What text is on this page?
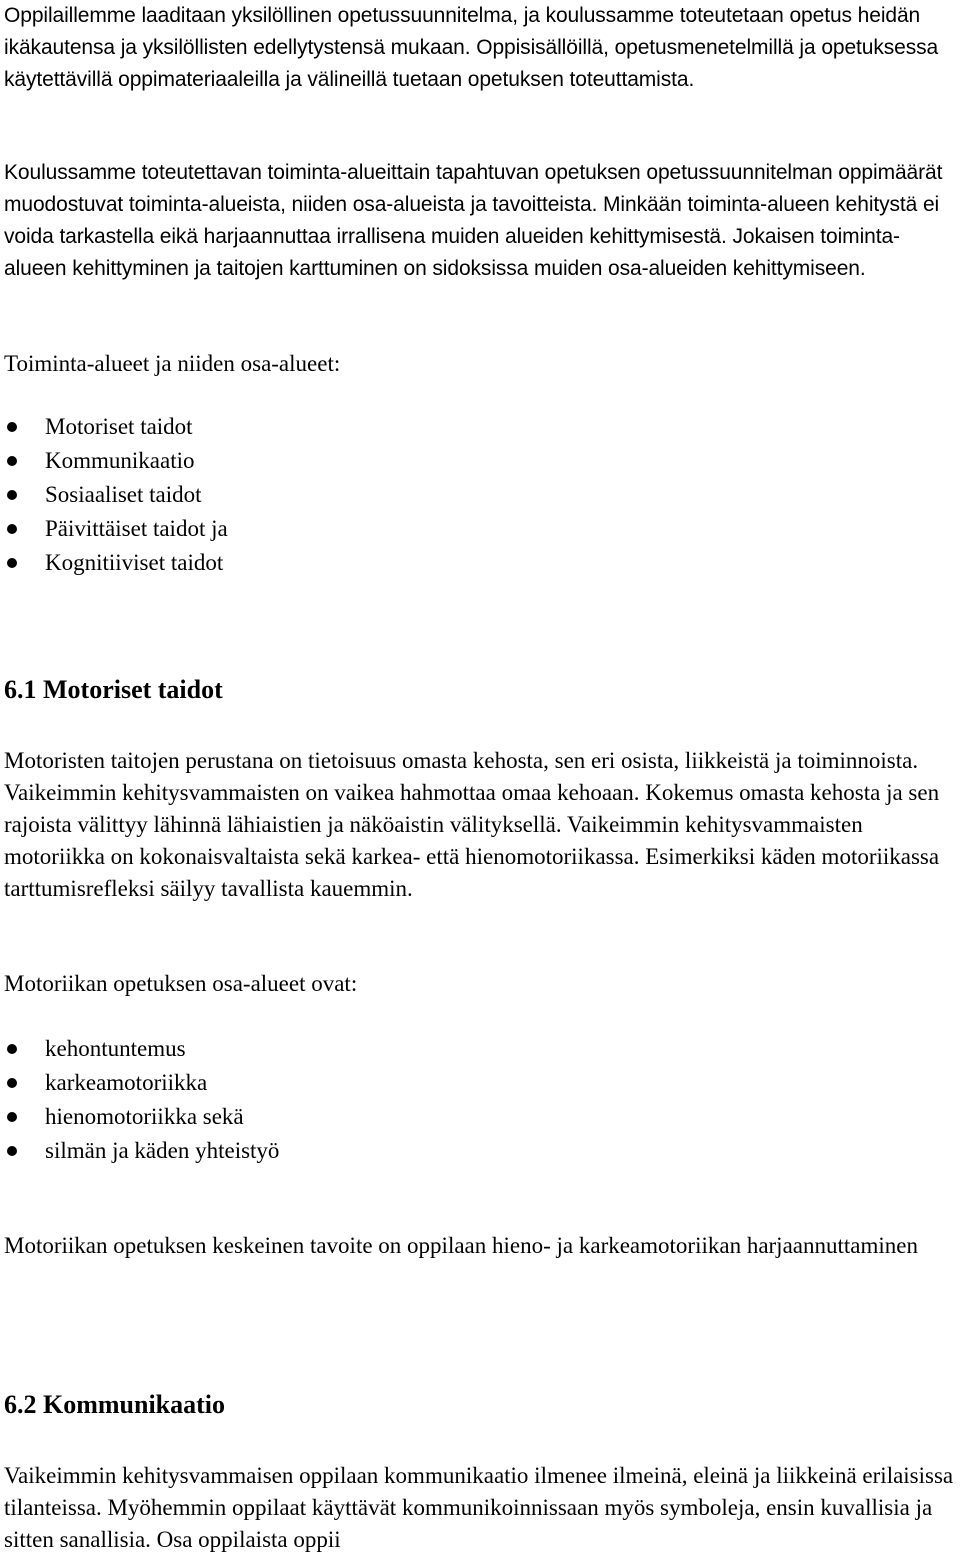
Oppilaillemme laaditaan yksilöllinen opetussuunnitelma, ja koulussamme toteutetaan opetus heidän ikäkautensa ja yksilöllisten edellytystensä mukaan. Oppisisällöillä, opetusmenetelmillä ja opetuksessa käytettävillä oppimateriaaleilla ja välineillä tuetaan opetuksen toteuttamista.

Koulussamme toteutettavan toiminta-alueittain tapahtuvan opetuksen opetussuunnitelman oppimäärät muodostuvat toiminta-alueista, niiden osa-alueista ja tavoitteista. Minkään toiminta-alueen kehitystä ei voida tarkastella eikä harjaannuttaa irrallisena muiden alueiden kehittymisestä. Jokaisen toiminta-alueen kehittyminen ja taitojen karttuminen on sidoksissa muiden osa-alueiden kehittymiseen.

Toiminta-alueet ja niiden osa-alueet:

Motoriset taidot
Kommunikaatio
Sosiaaliset taidot
Päivittäiset taidot ja
Kognitiiviset taidot
6.1 Motoriset taidot

Motoristen taitojen perustana on tietoisuus omasta kehosta, sen eri osista, liikkeistä ja toiminnoista. Vaikeimmin kehitysvammaisten on vaikea hahmottaa omaa kehoaan. Kokemus omasta kehosta ja sen rajoista välittyy lähinnä lähiaistien ja näköaistin välityksellä. Vaikeimmin kehitysvammaisten motoriikka on kokonaisvaltaista sekä karkea- että hienomotoriikassa. Esimerkiksi käden motoriikassa tarttumisrefleksi säilyy tavallista kauemmin.

Motoriikan opetuksen osa-alueet ovat:

kehontuntemus
karkeamotoriikka
hienomotoriikka sekä
silmän ja käden yhteistyö

Motoriikan opetuksen keskeinen tavoite on oppilaan hieno- ja karkeamotoriikan harjaannuttaminen

6.2 Kommunikaatio

Vaikeimmin kehitysvammaisen oppilaan kommunikaatio ilmenee ilmeinä, eleinä ja liikkeinä erilaisissa tilanteissa. Myöhemmin oppilaat käyttävät kommunikoinnissaan myös symboleja, ensin kuvallisia ja sitten sanallisia. Osa oppilaista oppii
